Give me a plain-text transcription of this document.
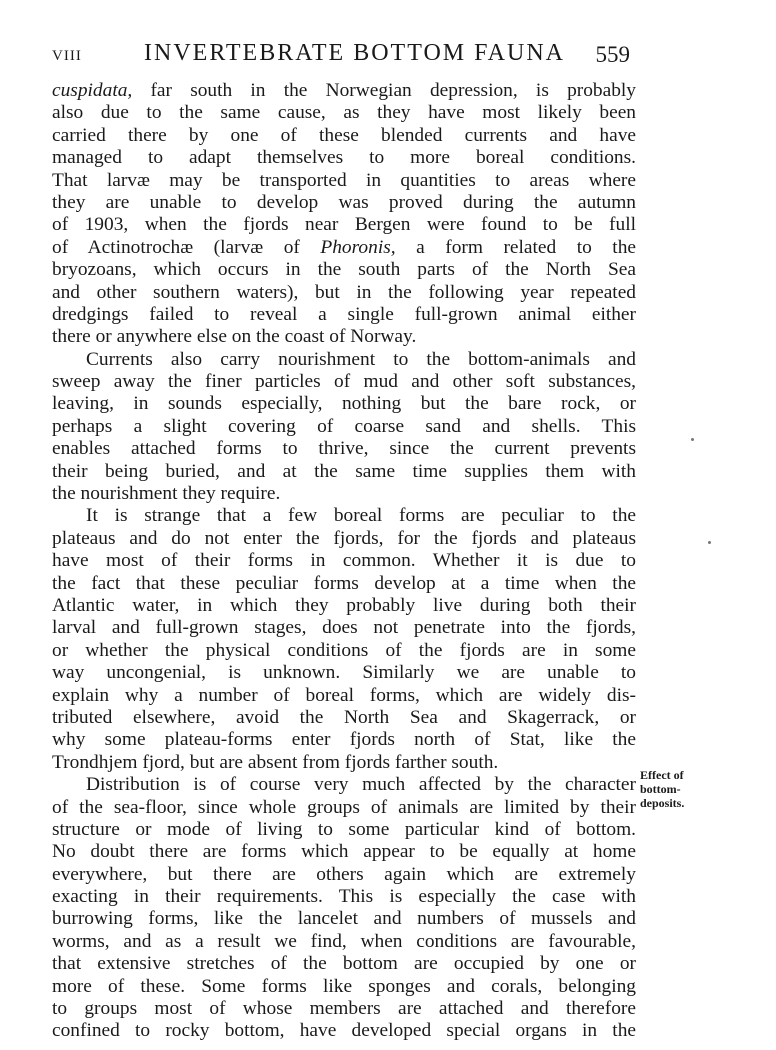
VIII	INVERTEBRATE BOTTOM FAUNA 559
cuspidata, far south in the Norwegian depression, is probably
also due to the same cause, as they have most likely been
carried there by one of these blended currents and have
managed to adapt themselves to more boreal conditions.
That larvæ may be transported in quantities to areas where
they are unable to develop was proved during the autumn
of 1903, when the fjords near Bergen were found to be full
of Actinotrochæ (larvæ of Phoronis, a form related to the
bryozoans, which occurs in the south parts of the North Sea
and other southern waters), but in the following year repeated
dredgings failed to reveal a single full-grown animal either
there or anywhere else on the coast of Norway.
Currents also carry nourishment to the bottom-animals and
sweep away the finer particles of mud and other soft substances,
leaving, in sounds especially, nothing but the bare rock, or
perhaps a slight covering of coarse sand and shells. This
enables attached forms to thrive, since the current prevents
their being buried, and at the same time supplies them with
the nourishment they require.
It is strange that a few boreal forms are peculiar to the
plateaus and do not enter the fjords, for the fjords and plateaus
have most of their forms in common. Whether it is due to
the fact that these peculiar forms develop at a time when the
Atlantic water, in which they probably live during both their
larval and full-grown stages, does not penetrate into the fjords,
or whether the physical conditions of the fjords are in some
way uncongenial, is unknown. Similarly we are unable to
explain why a number of boreal forms, which are widely dis-
tributed elsewhere, avoid the North Sea and Skagerrack, or
why some plateau-forms enter fjords north of Stat, like the
Trondhjem fjord, but are absent from fjords farther south.
Distribution is of course very much affected by the character
of the sea-floor, since whole groups of animals are limited by their
structure or mode of living to some particular kind of bottom.
No doubt there are forms which appear to be equally at home
everywhere, but there are others again which are extremely
exacting in their requirements. This is especially the case with
burrowing forms, like the lancelet and numbers of mussels and
worms, and as a result we find, when conditions are favourable,
that extensive stretches of the bottom are occupied by one or
more of these. Some forms like sponges and corals, belonging
to groups most of whose members are attached and therefore
confined to rocky bottom, have developed special organs in the
Effect of
bottom-
deposits.
